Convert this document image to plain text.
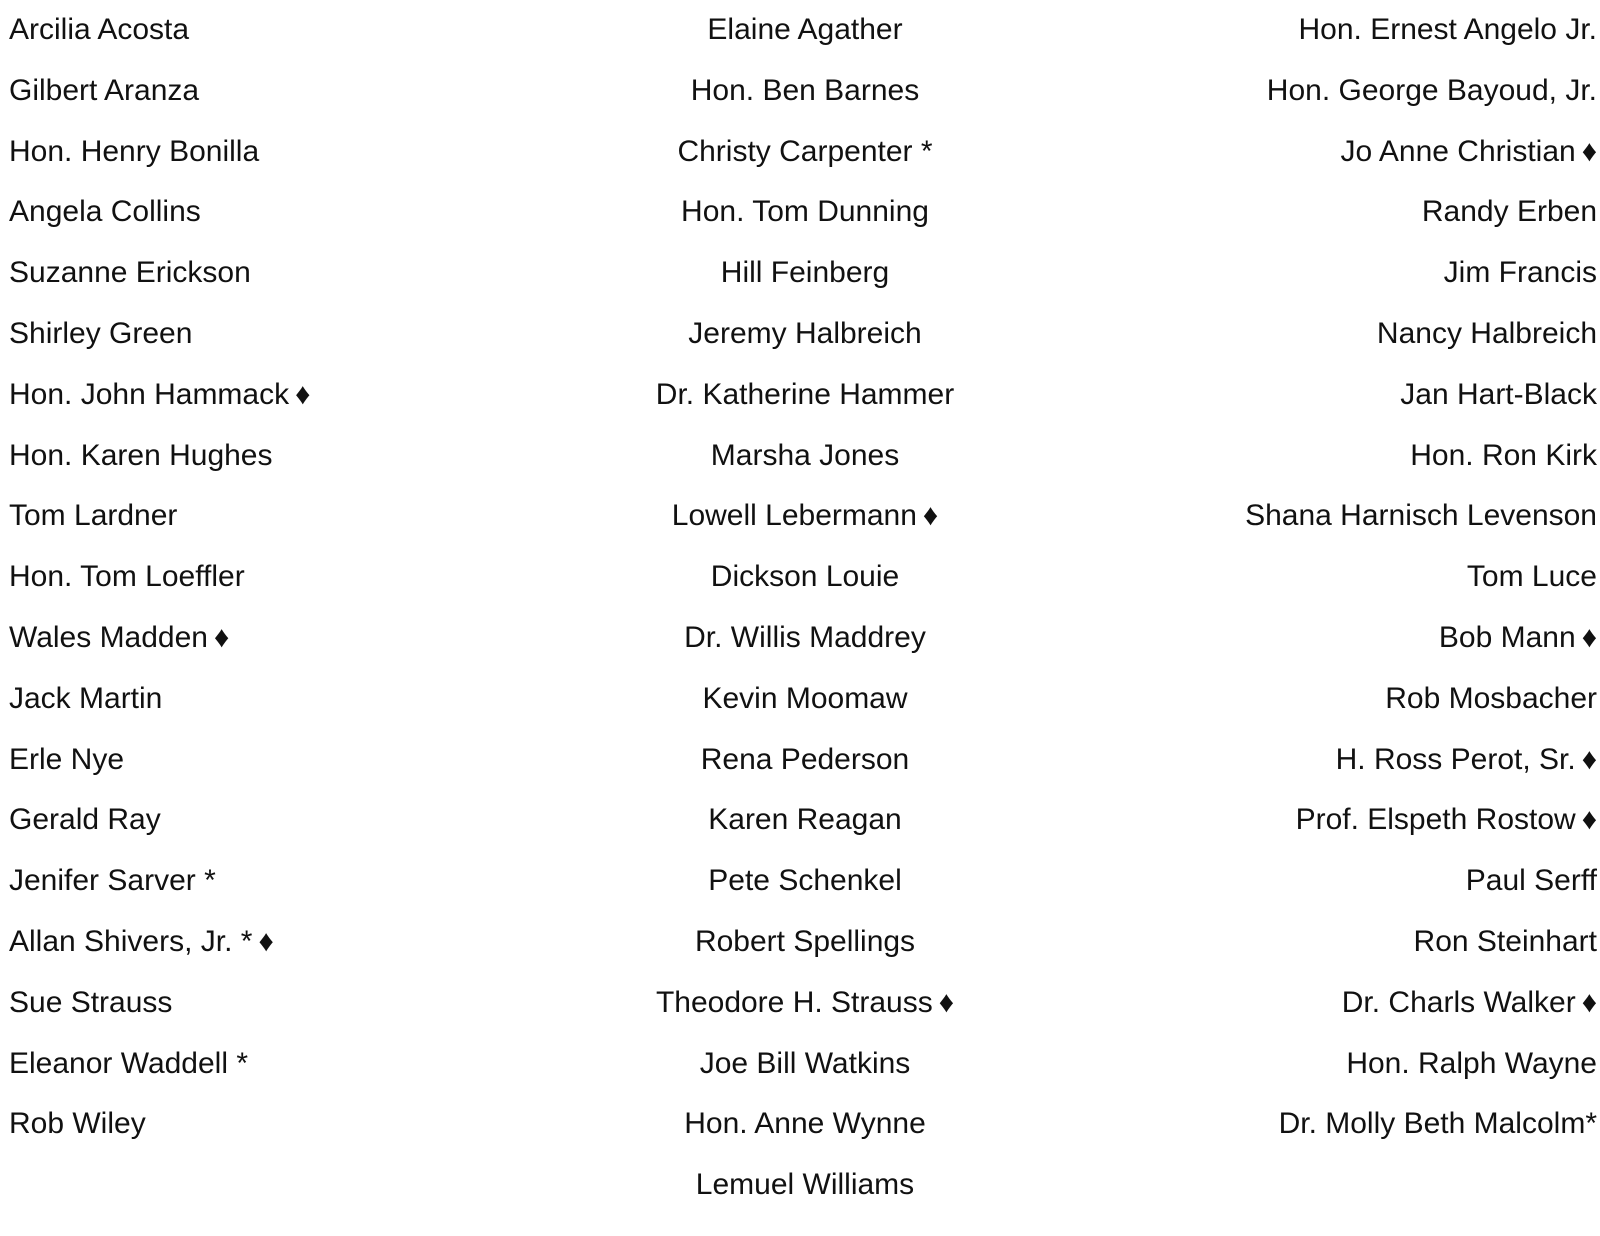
Arcilia Acosta
Gilbert Aranza
Hon. Henry Bonilla
Angela Collins
Suzanne Erickson
Shirley Green
Hon. John Hammack ♦
Hon. Karen Hughes
Tom Lardner
Hon. Tom Loeffler
Wales Madden ♦
Jack Martin
Erle Nye
Gerald Ray
Jenifer Sarver *
Allan Shivers, Jr. * ♦
Sue Strauss
Eleanor Waddell *
Rob Wiley
Elaine Agather
Hon. Ben Barnes
Christy Carpenter *
Hon. Tom Dunning
Hill Feinberg
Jeremy Halbreich
Dr. Katherine Hammer
Marsha Jones
Lowell Lebermann ♦
Dickson Louie
Dr. Willis Maddrey
Kevin Moomaw
Rena Pederson
Karen Reagan
Pete Schenkel
Robert Spellings
Theodore H. Strauss ♦
Joe Bill Watkins
Hon. Anne Wynne
Lemuel Williams
Hon. Ernest Angelo Jr.
Hon. George Bayoud, Jr.
Jo Anne Christian ♦
Randy Erben
Jim Francis
Nancy Halbreich
Jan Hart-Black
Hon. Ron Kirk
Shana Harnisch Levenson
Tom Luce
Bob Mann ♦
Rob Mosbacher
H. Ross Perot, Sr. ♦
Prof. Elspeth Rostow ♦
Paul Serff
Ron Steinhart
Dr. Charls Walker ♦
Hon. Ralph Wayne
Dr. Molly Beth Malcolm*
